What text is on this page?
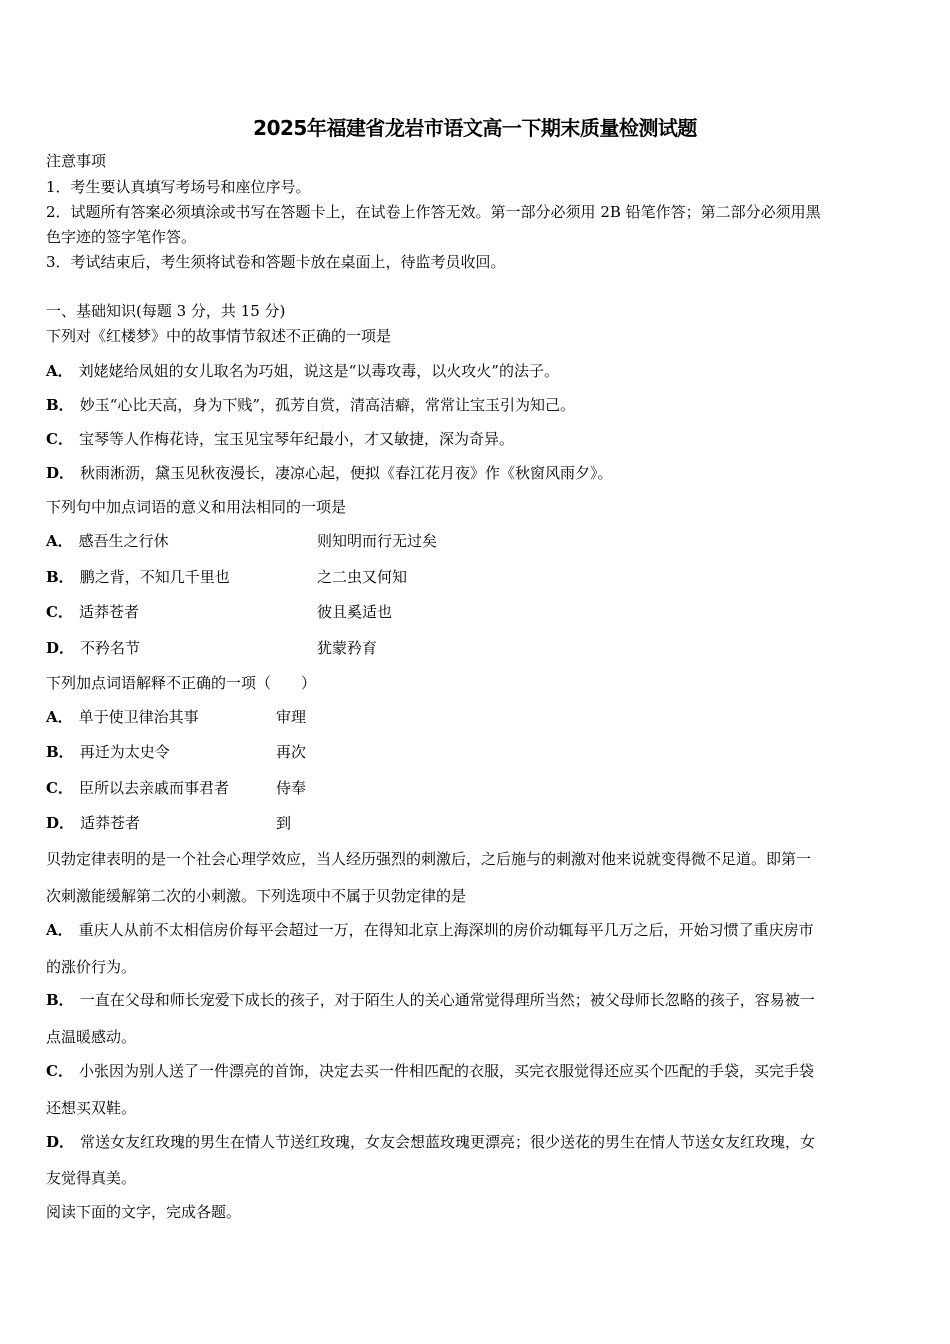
2025年福建省龙岩市语文高一下期末质量检测试题
注意事项
1．考生要认真填写考场号和座位序号。
2．试题所有答案必须填涂或书写在答题卡上，在试卷上作答无效。第一部分必须用 2B 铅笔作答；第二部分必须用黑
色字迹的签字笔作答。
3．考试结束后，考生须将试卷和答题卡放在桌面上，待监考员收回。
一、基础知识(每题 3 分，共 15 分)
下列对《红楼梦》中的故事情节叙述不正确的一项是
A． 刘姥姥给凤姐的女儿取名为巧姐，说这是“以毒攻毒，以火攻火”的法子。
B． 妙玉“心比天高，身为下贱”，孤芳自赏，清高洁癖，常常让宝玉引为知己。
C． 宝琴等人作梅花诗，宝玉见宝琴年纪最小，才又敏捷，深为奇异。
D． 秋雨淅沥，黛玉见秋夜漫长，凄凉心起，便拟《春江花月夜》作《秋窗风雨夕》。
下列句中加点词语的意义和用法相同的一项是
A． 感吾生之行休	则知明而行无过矣
B． 鹏之背，不知几千里也	之二虫又何知
C． 适莽苍者	彼且奚适也
D． 不矜名节	犹蒙矜育
下列加点词语解释不正确的一项（　　）
A． 单于使卫律治其事	审理
B． 再迁为太史令	再次
C． 臣所以去亲戚而事君者	侍奉
D． 适莽苍者	到
贝勃定律表明的是一个社会心理学效应，当人经历强烈的刺激后，之后施与的刺激对他来说就变得微不足道。即第一
次刺激能缓解第二次的小刺激。下列选项中不属于贝勃定律的是
A． 重庆人从前不太相信房价每平会超过一万，在得知北京上海深圳的房价动辄每平几万之后，开始习惯了重庆房市
的涨价行为。
B． 一直在父母和师长宠爱下成长的孩子，对于陌生人的关心通常觉得理所当然；被父母师长忽略的孩子，容易被一
点温暖感动。
C． 小张因为别人送了一件漂亮的首饰，决定去买一件相匹配的衣服，买完衣服觉得还应买个匹配的手袋，买完手袋
还想买双鞋。
D． 常送女友红玫瑰的男生在情人节送红玫瑰，女友会想蓝玫瑰更漂亮；很少送花的男生在情人节送女友红玫瑰，女
友觉得真美。
阅读下面的文字，完成各题。
